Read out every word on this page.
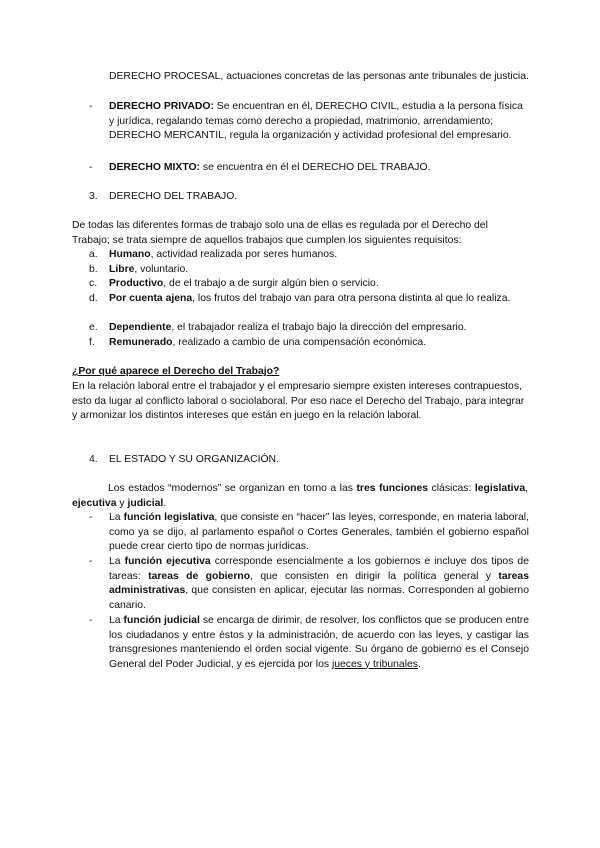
DERECHO PROCESAL, actuaciones concretas de las personas ante tribunales de justicia.

-	DERECHO PRIVADO: Se encuentran en él, DERECHO CIVIL, estudia a la persona física y jurídica, regalando temas como derecho a propiedad, matrimonio, arrendamiento; DERECHO MERCANTIL, regula la organización y actividad profesional del empresario.

-	DERECHO MIXTO: se encuentra en él el DERECHO DEL TRABAJO.

3. DERECHO DEL TRABAJO.

De todas las diferentes formas de trabajo solo una de ellas es regulada por el Derecho del Trabajo; se trata siempre de aquellos trabajos que cumplen los siguientes requisitos:

a.	Humano, actividad realizada por seres humanos.

b.	Libre, voluntario.

c.	Productivo, de el trabajo a de surgir algún bien o servicio.

d.	Por cuenta ajena, los frutos del trabajo van para otra persona distinta al que lo realiza.

e.	Dependiente, el trabajador realiza el trabajo bajo la dirección del empresario.

f.	Remunerado, realizado a cambio de una compensación económica.

¿Por qué aparece el Derecho del Trabajo?

En la relación laboral entre el trabajador y el empresario siempre existen intereses contrapuestos, esto da lugar al conflicto laboral o sociolaboral. Por eso nace el Derecho del Trabajo, para integrar y armonizar los distintos intereses que están en juego en la relación laboral.

4. EL ESTADO Y SU ORGANIZACIÓN.

Los estados “modernos” se organizan en torno a las tres funciones clásicas: legislativa, ejecutiva y judicial.

-	La función legislativa, que consiste en “hacer” las leyes, corresponde, en materia laboral, como ya se dijo, al parlamento español o Cortes Generales, también el gobierno español puede crear cierto tipo de normas jurídicas.

-	La función ejecutiva corresponde esencialmente a los gobiernos e incluye dos tipos de tareas: tareas de gobierno, que consisten en dirigir la política general y tareas administrativas, que consisten en aplicar, ejecutar las normas. Corresponden al gobierno canario.

-	La función judicial se encarga de dirimir, de resolver, los conflictos que se producen entre los ciudadanos y entre éstos y la administración, de acuerdo con las leyes, y castigar las transgresiones manteniendo el orden social vigente. Su órgano de gobierno es el Consejo General del Poder Judicial, y es ejercida por los jueces y tribunales.
